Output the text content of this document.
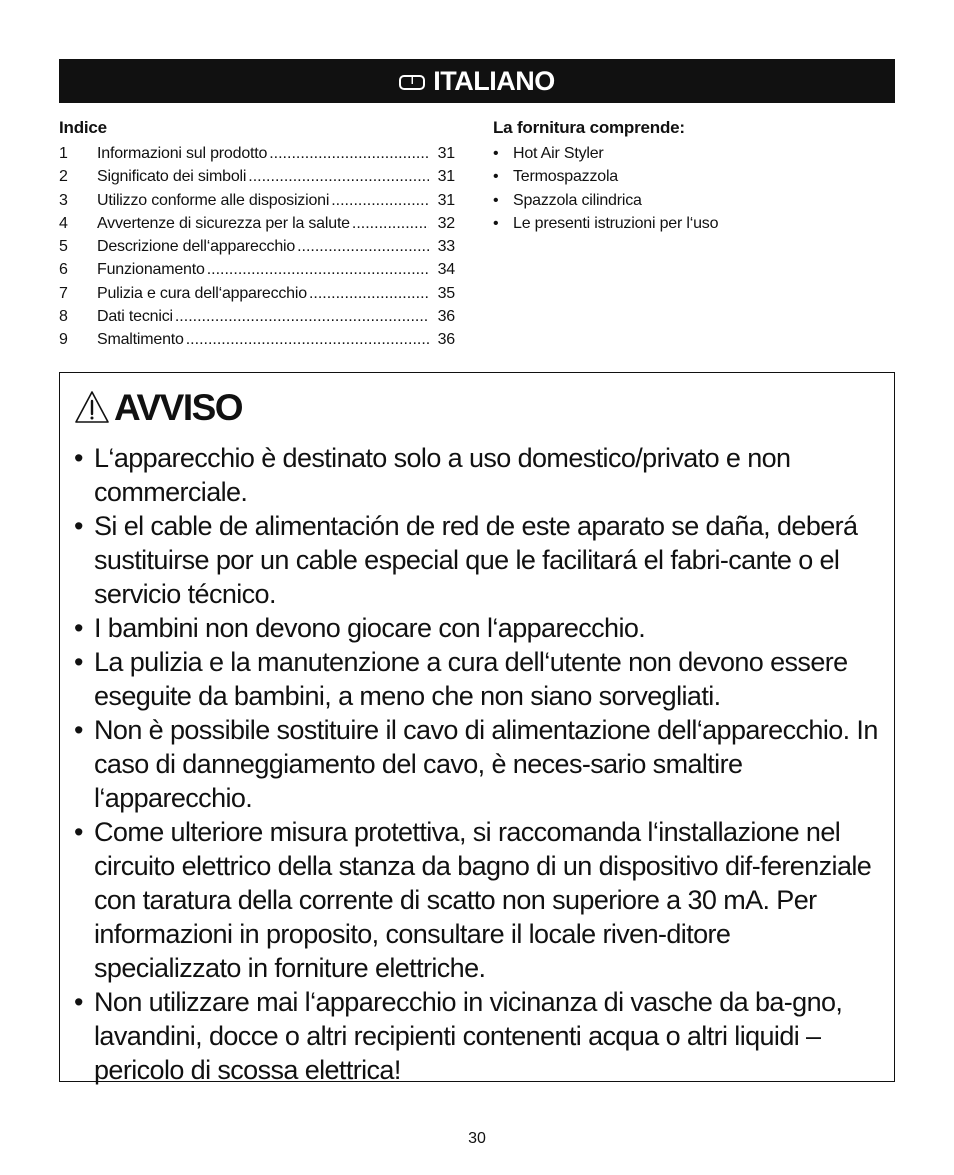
I ITALIANO
Indice
1	Informazioni sul prodotto .....	31
2	Significato dei simboli .....	31
3	Utilizzo conforme alle disposizioni .....	31
4	Avvertenze di sicurezza per la salute .....	32
5	Descrizione dell‘apparecchio .....	33
6	Funzionamento .....	34
7	Pulizia e cura dell‘apparecchio .....	35
8	Dati tecnici .....	36
9	Smaltimento .....	36
La fornitura comprende:
• Hot Air Styler
• Termospazzola
• Spazzola cilindrica
• Le presenti istruzioni per l‘uso
AVVISO
• L‘apparecchio è destinato solo a uso domestico/privato e non commerciale.
• Si el cable de alimentación de red de este aparato se daña, deberá sustituirse por un cable especial que le facilitará el fabri-cante o el servicio técnico.
• I bambini non devono giocare con l‘apparecchio.
• La pulizia e la manutenzione a cura dell‘utente non devono essere eseguite da bambini, a meno che non siano sorvegliati.
• Non è possibile sostituire il cavo di alimentazione dell‘apparecchio. In caso di danneggiamento del cavo, è neces-sario smaltire l‘apparecchio.
• Come ulteriore misura protettiva, si raccomanda l‘installazione nel circuito elettrico della stanza da bagno di un dispositivo dif-ferenziale con taratura della corrente di scatto non superiore a 30 mA. Per informazioni in proposito, consultare il locale riven-ditore specializzato in forniture elettriche.
• Non utilizzare mai l‘apparecchio in vicinanza di vasche da ba-gno, lavandini, docce o altri recipienti contenenti acqua o altri liquidi – pericolo di scossa elettrica!
30
